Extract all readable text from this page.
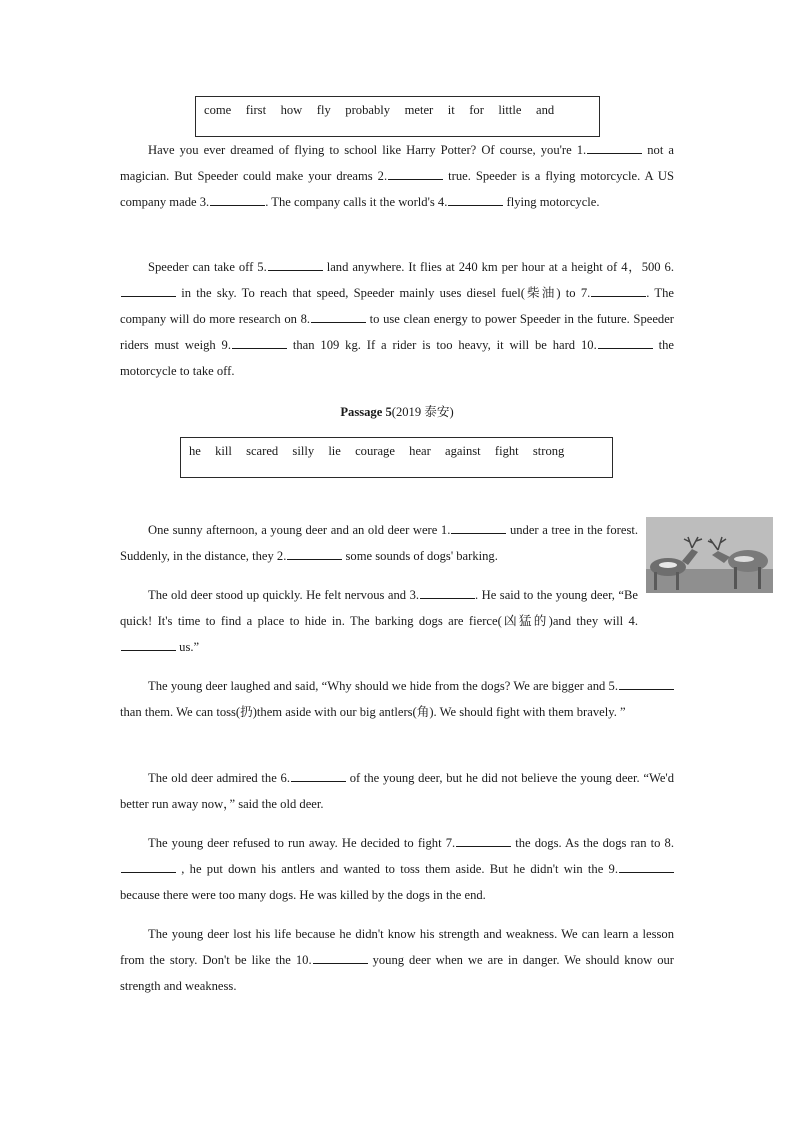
come first how fly probably meter it for little and

Have you ever dreamed of flying to school like Harry Potter? Of course, you're 1.	not a magician. But Speeder could make your dreams 2.	true. Speeder is a flying motorcycle. A US company made 3.	. The company calls it the world's 4.	flying motorcycle.

Speeder can take off 5.	land anywhere. It flies at 240 km per hour at a height of 4，500 6. in the sky. To reach that speed, Speeder mainly uses diesel fuel(柴油) to 7.	. The company will do more research on 8.	to use clean energy to power Speeder in the future. Speeder riders must weigh 9.	than 109 kg. If a rider is too heavy, it will be hard 10.	the motorcycle to take off.

Passage 5(2019 泰安)
he kill scared silly lie courage hear against fight strong

One sunny afternoon, a young deer and an old deer were 1.	under a tree in the forest. Suddenly, in the distance, they 2.	some sounds of dogs' barking.

The old deer stood up quickly. He felt nervous and 3.	. He said to the young deer, “Be quick! It's time to find a place to hide in. The barking dogs are fierce(凶猛的)and they will 4. us.”

The young deer laughed and said, “Why should we hide from the dogs? We are bigger and 5. than them. We can toss(扔)them aside with our big antlers(角). We should fight with them bravely. ”

The old deer admired the 6.	of the young deer, but he did not believe the young deer. “We'd better run away now，” said the old deer.

The young deer refused to run away. He decided to fight 7.	the dogs. As the dogs ran to 8. , he put down his antlers and wanted to toss them aside. But he didn't win the 9. because there were too many dogs. He was killed by the dogs in the end.

The young deer lost his life because he didn't know his strength and weakness. We can learn a lesson from the story. Don't be like the 10.	young deer when we are in danger. We should know our strength and weakness.
